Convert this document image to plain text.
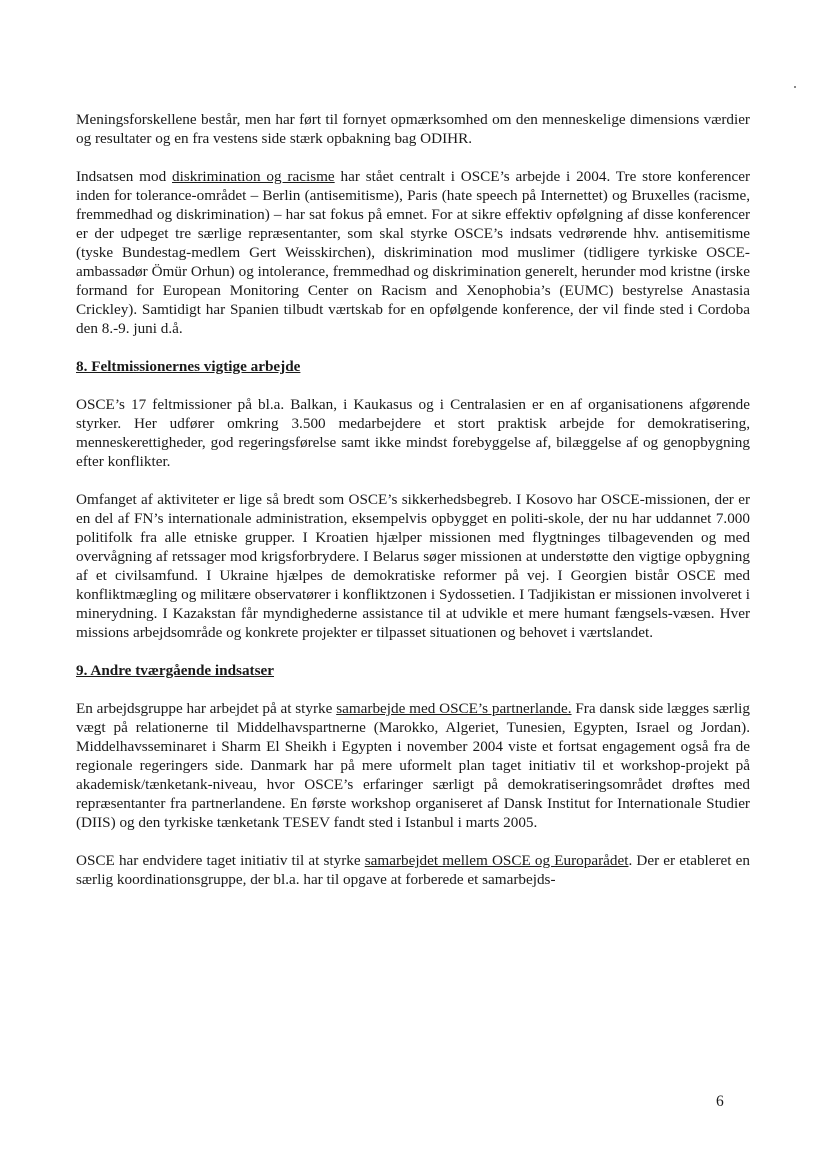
Meningsforskellene består, men har ført til fornyet opmærksomhed om den menneskelige dimensions værdier og resultater og en fra vestens side stærk opbakning bag ODIHR.

Indsatsen mod diskrimination og racisme har stået centralt i OSCE’s arbejde i 2004. Tre store konferencer inden for tolerance-området – Berlin (antisemitisme), Paris (hate speech på Internettet) og Bruxelles (racisme, fremmedhad og diskrimination) – har sat fokus på emnet. For at sikre effektiv opfølgning af disse konferencer er der udpeget tre særlige repræsentanter, som skal styrke OSCE’s indsats vedrørende hhv. antisemitisme (tyske Bundestag-medlem Gert Weisskirchen), diskrimination mod muslimer (tidligere tyrkiske OSCE-ambassadør Ömür Orhun) og intolerance, fremmedhad og diskrimination generelt, herunder mod kristne (irske formand for European Monitoring Center on Racism and Xenophobia’s (EUMC) bestyrelse Anastasia Crickley). Samtidigt har Spanien tilbudt værtskab for en opfølgende konference, der vil finde sted i Cordoba den 8.-9. juni d.å.

8. Feltmissionernes vigtige arbejde

OSCE’s 17 feltmissioner på bl.a. Balkan, i Kaukasus og i Centralasien er en af organisationens afgørende styrker. Her udfører omkring 3.500 medarbejdere et stort praktisk arbejde for demokratisering, menneskerettigheder, god regeringsførelse samt ikke mindst forebyggelse af, bilæggelse af og genopbygning efter konflikter.

Omfanget af aktiviteter er lige så bredt som OSCE’s sikkerhedsbegreb. I Kosovo har OSCE-missionen, der er en del af FN’s internationale administration, eksempelvis opbygget en politi-skole, der nu har uddannet 7.000 politifolk fra alle etniske grupper. I Kroatien hjælper missionen med flygtninges tilbagevenden og med overvågning af retssager mod krigsforbrydere. I Belarus søger missionen at understøtte den vigtige opbygning af et civilsamfund. I Ukraine hjælpes de demokratiske reformer på vej. I Georgien bistår OSCE med konfliktmægling og militære observatører i konfliktzonen i Sydossetien. I Tadjikistan er missionen involveret i minerydning. I Kazakstan får myndighederne assistance til at udvikle et mere humant fængsels-væsen. Hver missions arbejdsområde og konkrete projekter er tilpasset situationen og behovet i værtslandet.

9. Andre tværgående indsatser

En arbejdsgruppe har arbejdet på at styrke samarbejde med OSCE’s partnerlande. Fra dansk side lægges særlig vægt på relationerne til Middelhavspartnerne (Marokko, Algeriet, Tunesien, Egypten, Israel og Jordan). Middelhavsseminaret i Sharm El Sheikh i Egypten i november 2004 viste et fortsat engagement også fra de regionale regeringers side. Danmark har på mere uformelt plan taget initiativ til et workshop-projekt på akademisk/tænketank-niveau, hvor OSCE’s erfaringer særligt på demokratiseringsområdet drøftes med repræsentanter fra partnerlandene. En første workshop organiseret af Dansk Institut for Internationale Studier (DIIS) og den tyrkiske tænketank TESEV fandt sted i Istanbul i marts 2005.

OSCE har endvidere taget initiativ til at styrke samarbejdet mellem OSCE og Europarådet. Der er etableret en særlig koordinationsgruppe, der bl.a. har til opgave at forberede et samarbejds-

6
